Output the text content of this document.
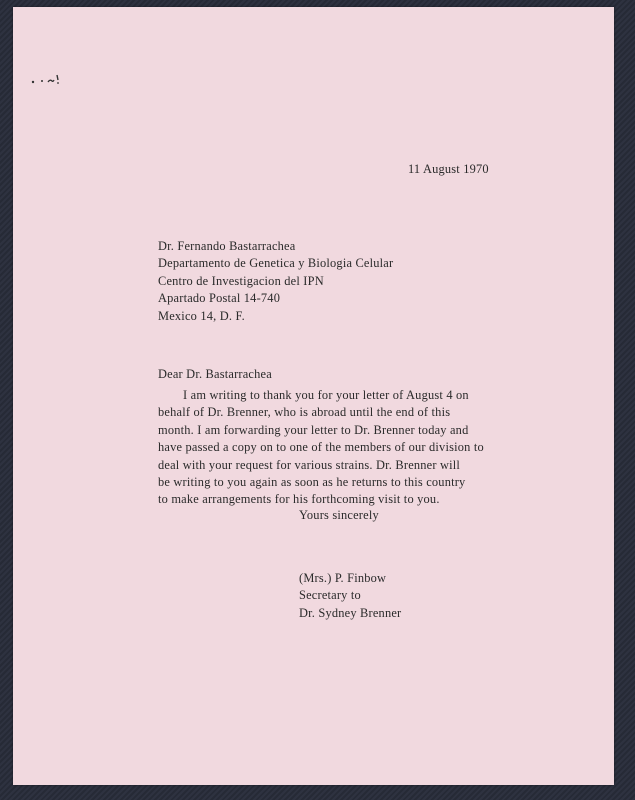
11 August 1970
Dr. Fernando Bastarrachea
Departamento de Genetica y Biologia Celular
Centro de Investigacion del IPN
Apartado Postal 14-740
Mexico 14, D. F.
Dear Dr. Bastarrachea
I am writing to thank you for your letter of August 4 on
behalf of Dr. Brenner, who is abroad until the end of this
month. I am forwarding your letter to Dr. Brenner today and
have passed a copy on to one of the members of our division to
deal with your request for various strains. Dr. Brenner will
be writing to you again as soon as he returns to this country
to make arrangements for his forthcoming visit to you.
Yours sincerely
(Mrs.) P. Finbow
Secretary to
Dr. Sydney Brenner
